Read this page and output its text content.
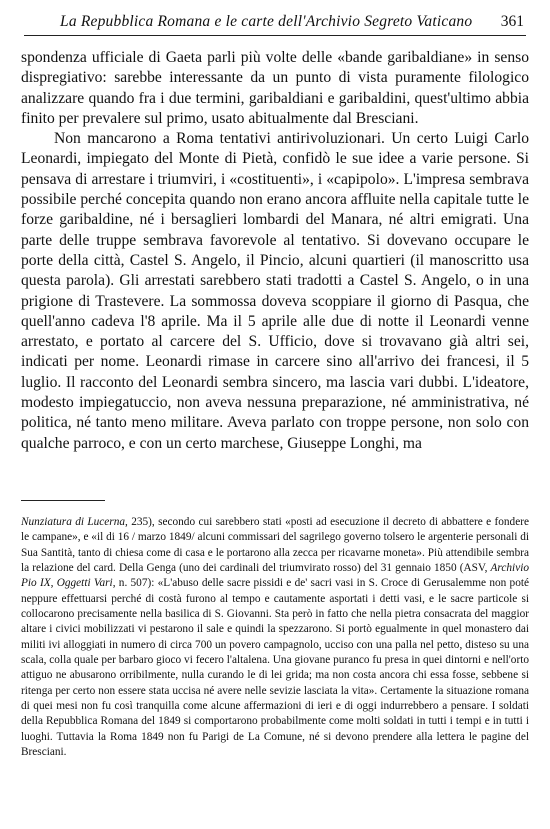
La Repubblica Romana e le carte dell'Archivio Segreto Vaticano 361

spondenza ufficiale di Gaeta parli più volte delle «bande garibaldiane» in senso dispregiativo: sarebbe interessante da un punto di vista puramente filologico analizzare quando fra i due termini, garibaldiani e garibaldini, quest'ultimo abbia finito per prevalere sul primo, usato abitualmente dal Bresciani.

Non mancarono a Roma tentativi antirivoluzionari. Un certo Luigi Carlo Leonardi, impiegato del Monte di Pietà, confidò le sue idee a varie persone. Si pensava di arrestare i triumviri, i «costituenti», i «capipolo». L'impresa sembrava possibile perché concepita quando non erano ancora affluite nella capitale tutte le forze garibaldine, né i bersaglieri lombardi del Manara, né altri emigrati. Una parte delle truppe sembrava favorevole al tentativo. Si dovevano occupare le porte della città, Castel S. Angelo, il Pincio, alcuni quartieri (il manoscritto usa questa parola). Gli arrestati sarebbero stati tradotti a Castel S. Angelo, o in una prigione di Trastevere. La sommossa doveva scoppiare il giorno di Pasqua, che quell'anno cadeva l'8 aprile. Ma il 5 aprile alle due di notte il Leonardi venne arrestato, e portato al carcere del S. Ufficio, dove si trovavano già altri sei, indicati per nome. Leonardi rimase in carcere sino all'arrivo dei francesi, il 5 luglio. Il racconto del Leonardi sembra sincero, ma lascia vari dubbi. L'ideatore, modesto impiegatuccio, non aveva nessuna preparazione, né amministrativa, né politica, né tanto meno militare. Aveva parlato con troppe persone, non solo con qualche parroco, e con un certo marchese, Giuseppe Longhi, ma

Nunziatura di Lucerna, 235), secondo cui sarebbero stati «posti ad esecuzione il decreto di abbattere e fondere le campane», e «il di 16 / marzo 1849/ alcuni commissari del sagrilego governo tolsero le argenterie personali di Sua Santità, tanto di chiesa come di casa e le portarono alla zecca per ricavarne moneta». Più attendibile sembra la relazione del card. Della Genga (uno dei cardinali del triumvirato rosso) del 31 gennaio 1850 (ASV, Archivio Pio IX, Oggetti Vari, n. 507): «L'abuso delle sacre pissidi e de' sacri vasi in S. Croce di Gerusalemme non poté neppure effettuarsi perché di costà furono al tempo e cautamente asportati i detti vasi, e le sacre particole si collocarono precisamente nella basilica di S. Giovanni. Sta però in fatto che nella pietra consacrata del maggior altare i civici mobilizzati vi pestarono il sale e quindi la spezzarono. Si portò egualmente in quel monastero dai militi ivi alloggiati in numero di circa 700 un povero campagnolo, ucciso con una palla nel petto, disteso su una scala, colla quale per barbaro gioco vi fecero l'altalena. Una giovane puranco fu presa in quei dintorni e nell'orto attiguo ne abusarono orribilmente, nulla curando le di lei grida; ma non costa ancora chi essa fosse, sebbene si ritenga per certo non essere stata uccisa né avere nelle sevizie lasciata la vita». Certamente la situazione romana di quei mesi non fu così tranquilla come alcune affermazioni di ieri e di oggi indurrebbero a pensare. I soldati della Repubblica Romana del 1849 si comportarono probabilmente come molti soldati in tutti i tempi e in tutti i luoghi. Tuttavia la Roma 1849 non fu Parigi de La Comune, né si devono prendere alla lettera le pagine del Bresciani.
